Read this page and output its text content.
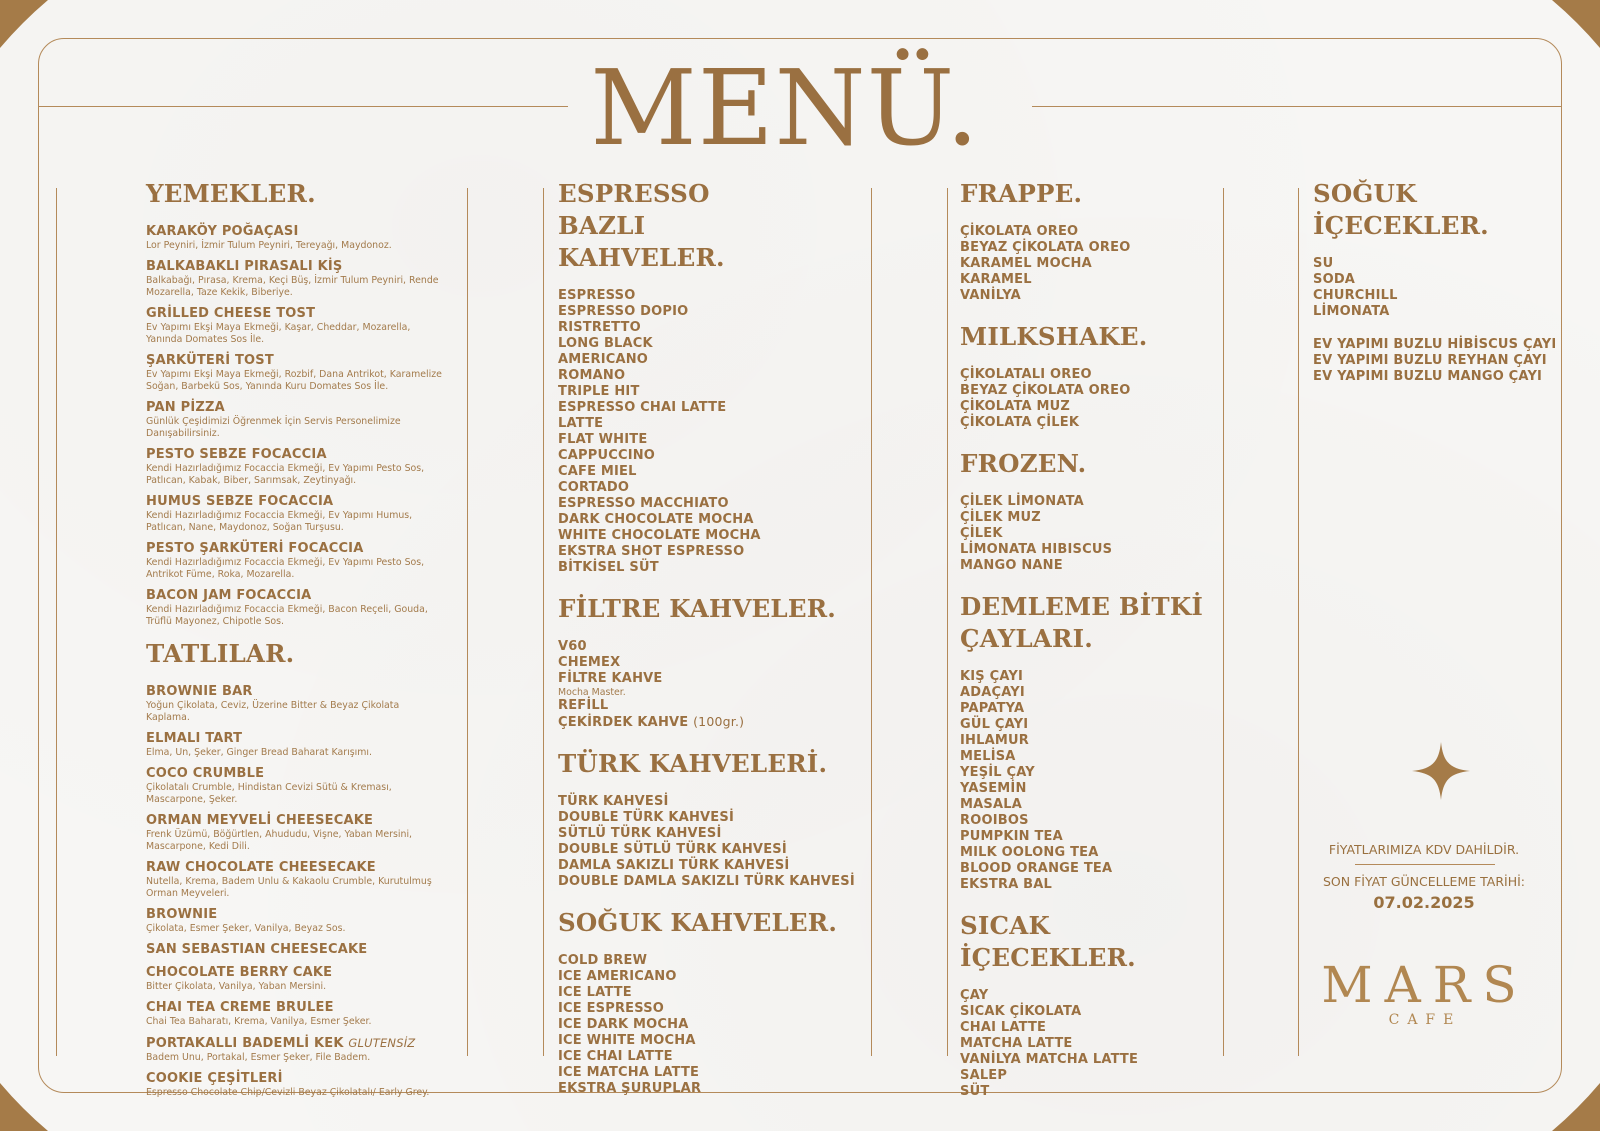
MENÜ.
YEMEKLER.
KARAKÖY POĞAÇASI
Lor Peyniri, İzmir Tulum Peyniri, Tereyağı, Maydonoz.
BALKABAKLI PIRASALI KİŞ
Balkabağı, Pırasa, Krema, Keçi Büş, İzmir Tulum Peyniri, Rende Mozarella, Taze Kekik, Biberiye.
GRİLLED CHEESE TOST
Ev Yapımı Ekşi Maya Ekmeği, Kaşar, Cheddar, Mozarella, Yanında Domates Sos İle.
ŞARKÜTERİ TOST
Ev Yapımı Ekşi Maya Ekmeği, Rozbif, Dana Antrikot, Karamelize Soğan, Barbekü Sos, Yanında Kuru Domates Sos İle.
PAN PİZZA
Günlük Çeşidimizi Öğrenmek İçin Servis Personelimize Danışabilirsiniz.
PESTO SEBZE FOCACCIA
Kendi Hazırladığımız Focaccia Ekmeği, Ev Yapımı Pesto Sos, Patlıcan, Kabak, Biber, Sarımsak, Zeytinyağı.
HUMUS SEBZE FOCACCIA
Kendi Hazırladığımız Focaccia Ekmeği, Ev Yapımı Humus, Patlıcan, Nane, Maydonoz, Soğan Turşusu.
PESTO ŞARKÜTERİ FOCACCIA
Kendi Hazırladığımız Focaccia Ekmeği, Ev Yapımı Pesto Sos, Antrikot Füme, Roka, Mozarella.
BACON JAM FOCACCIA
Kendi Hazırladığımız Focaccia Ekmeği, Bacon Reçeli, Gouda, Trüflü Mayonez, Chipotle Sos.
TATLILAR.
BROWNIE BAR
Yoğun Çikolata, Ceviz, Üzerine Bitter & Beyaz Çikolata Kaplama.
ELMALI TART
Elma, Un, Şeker, Ginger Bread Baharat Karışımı.
COCO CRUMBLE
Çikolatalı Crumble, Hindistan Cevizi Sütü & Kreması, Mascarpone, Şeker.
ORMAN MEYVELİ CHEESECAKE
Frenk Üzümü, Böğürtlen, Ahududu, Vişne, Yaban Mersini, Mascarpone, Kedi Dili.
RAW CHOCOLATE CHEESECAKE
Nutella, Krema, Badem Unlu & Kakaolu Crumble, Kurutulmuş Orman Meyveleri.
BROWNIE
Çikolata, Esmer Şeker, Vanilya, Beyaz Sos.
SAN SEBASTIAN CHEESECAKE
CHOCOLATE BERRY CAKE
Bitter Çikolata, Vanilya, Yaban Mersini.
CHAI TEA CREME BRULEE
Chai Tea Baharatı, Krema, Vanilya, Esmer Şeker.
PORTAKALLI BADEMLİ KEK GLUTENSİZ
Badem Unu, Portakal, Esmer Şeker, File Badem.
COOKIE ÇEŞİTLERİ
Espresso Chocolate Chip/Cevizli Beyaz Çikolatalı/ Early Grey.
ESPRESSO BAZLI KAHVELER.
ESPRESSO
ESPRESSO DOPIO
RISTRETTO
LONG BLACK
AMERICANO
ROMANO
TRIPLE HIT
ESPRESSO CHAI LATTE
LATTE
FLAT WHITE
CAPPUCCINO
CAFE MIEL
CORTADO
ESPRESSO MACCHIATO
DARK CHOCOLATE MOCHA
WHITE CHOCOLATE MOCHA
EKSTRA SHOT ESPRESSO
BİTKİSEL SÜT
FİLTRE KAHVELER.
V60
CHEMEX
FİLTRE KAHVE
Mocha Master.
REFİLL
ÇEKİRDEK KAHVE (100gr.)
TÜRK KAHVELERİ.
TÜRK KAHVESİ
DOUBLE TÜRK KAHVESİ
SÜTLÜ TÜRK KAHVESİ
DOUBLE SÜTLÜ TÜRK KAHVESİ
DAMLA SAKIZLI TÜRK KAHVESİ
DOUBLE DAMLA SAKIZLI TÜRK KAHVESİ
SOĞUK KAHVELER.
COLD BREW
ICE AMERICANO
ICE LATTE
ICE ESPRESSO
ICE DARK MOCHA
ICE WHITE MOCHA
ICE CHAI LATTE
ICE MATCHA LATTE
EKSTRA ŞURUPLAR
FRAPPE.
ÇİKOLATA OREO
BEYAZ ÇİKOLATA OREO
KARAMEL MOCHA
KARAMEL
VANİLYA
MILKSHAKE.
ÇİKOLATALI OREO
BEYAZ ÇİKOLATA OREO
ÇİKOLATA MUZ
ÇİKOLATA ÇİLEK
FROZEN.
ÇİLEK LİMONATA
ÇİLEK MUZ
ÇİLEK
LİMONATA HIBISCUS
MANGO NANE
DEMLEME BİTKİ ÇAYLARI.
KIŞ ÇAYI
ADAÇAYI
PAPATYA
GÜL ÇAYI
IHLAMUR
MELİSA
YEŞİL ÇAY
YASEMİN
MASALA
ROOIBOS
PUMPKIN TEA
MILK OOLONG TEA
BLOOD ORANGE TEA
EKSTRA BAL
SICAK İÇECEKLER.
ÇAY
SICAK ÇİKOLATA
CHAI LATTE
MATCHA LATTE
VANİLYA MATCHA LATTE
SALEP
SÜT
SOĞUK İÇECEKLER.
SU
SODA
CHURCHILL
LİMONATA
EV YAPIMI BUZLU HİBİSCUS ÇAYI
EV YAPIMI BUZLU REYHAN ÇAYI
EV YAPIMI BUZLU MANGO ÇAYI
FİYATLARIMIZA KDV DAHİLDİR.
SON FİYAT GÜNCELLEME TARİHİ:
07.02.2025
MARS
CAFE
